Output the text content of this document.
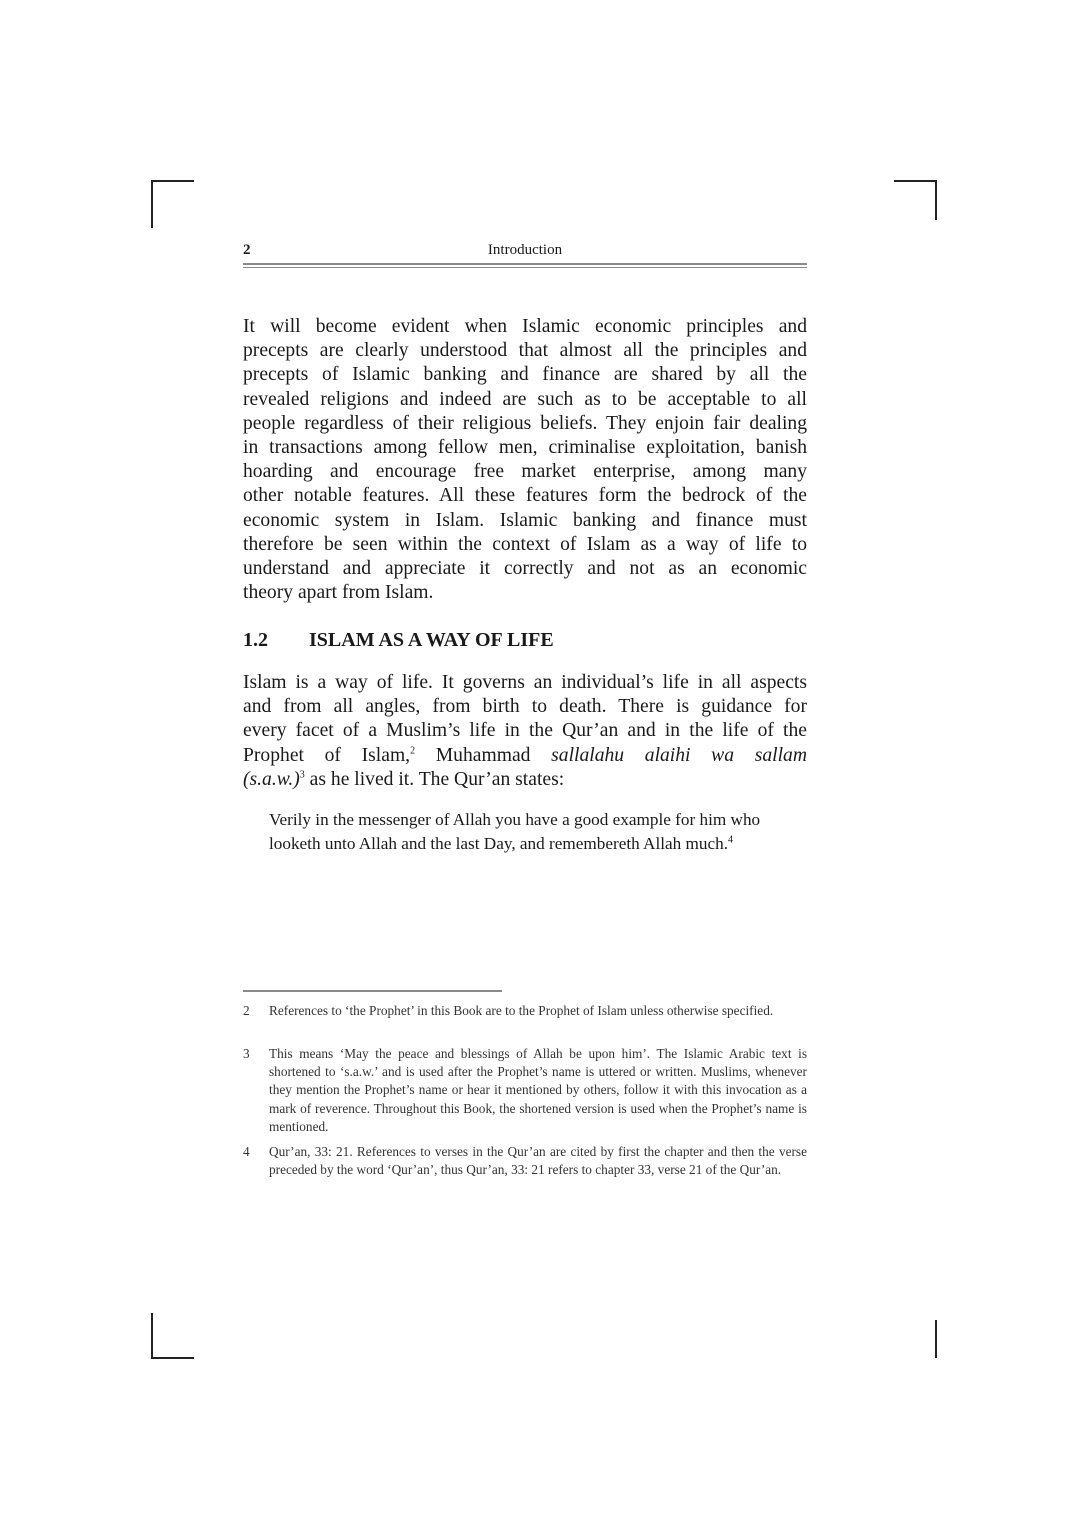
Introduction
2
It will become evident when Islamic economic principles and
precepts are clearly understood that almost all the principles and
precepts of Islamic banking and finance are shared by all the
revealed religions and indeed are such as to be acceptable to all
people regardless of their religious beliefs. They enjoin fair dealing
in transactions among fellow men, criminalise exploitation, banish
hoarding and encourage free market enterprise, among many
other notable features. All these features form the bedrock of the
economic system in Islam. Islamic banking and finance must
therefore be seen within the context of Islam as a way of life to
understand and appreciate it correctly and not as an economic
theory apart from Islam.
1.2 ISLAM AS A WAY OF LIFE
Islam is a way of life. It governs an individual’s life in all aspects
and from all angles, from birth to death. There is guidance for
every facet of a Muslim’s life in the Qur’an and in the life of the
Prophet of Islam,$^2$ Muhammad sallalahu alaihi wa sallam
$(s.a.w.)^3$ as he lived it. The Qur’an states:
Verily in the messenger of Allah you have a good example for him who looketh unto Allah and the last Day, and remembereth Allah much.$^4$
2 References to ‘the Prophet’ in this Book are to the Prophet of Islam unless otherwise specified.
3 This means ‘May the peace and blessings of Allah be upon him’. The Islamic Arabic text is shortened to ‘s.a.w.’ and is used after the Prophet’s name is uttered or written. Muslims, whenever they mention the Prophet’s name or hear it mentioned by others, follow it with this invocation as a mark of reverence. Throughout this Book, the shortened version is used when the Prophet’s name is mentioned.
4 Qur’an, 33: 21. References to verses in the Qur’an are cited by first the chapter and then the verse preceded by the word ‘Qur’an’, thus Qur’an, 33: 21 refers to chapter 33, verse 21 of the Qur’an.
